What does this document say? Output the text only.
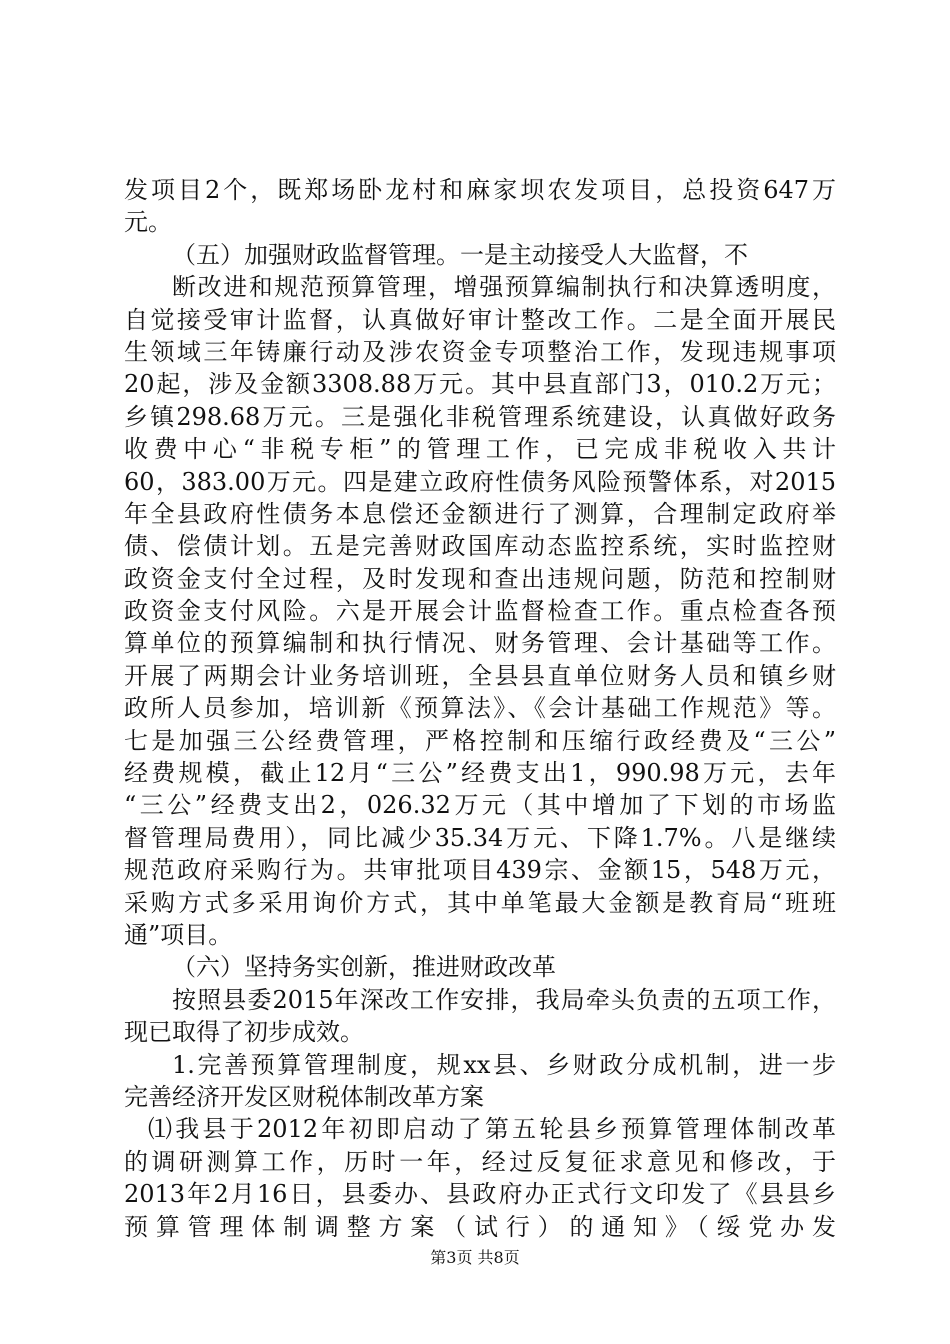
发项目2个，既郑场卧龙村和麻家坝农发项目，总投资647万
元。
（五）加强财政监督管理。一是主动接受人大监督，不
断改进和规范预算管理，增强预算编制执行和决算透明度，
自觉接受审计监督，认真做好审计整改工作。二是全面开展民
生领域三年铸廉行动及涉农资金专项整治工作，发现违规事项
20起，涉及金额3308.88万元。其中县直部门3，010.2万元；
乡镇298.68万元。三是强化非税管理系统建设，认真做好政务
收费中心“非税专柜”的管理工作，已完成非税收入共计
60，383.00万元。四是建立政府性债务风险预警体系，对2015
年全县政府性债务本息偿还金额进行了测算，合理制定政府举
债、偿债计划。五是完善财政国库动态监控系统，实时监控财
政资金支付全过程，及时发现和查出违规问题，防范和控制财
政资金支付风险。六是开展会计监督检查工作。重点检查各预
算单位的预算编制和执行情况、财务管理、会计基础等工作。
开展了两期会计业务培训班，全县县直单位财务人员和镇乡财
政所人员参加，培训新《预算法》、《会计基础工作规范》等。
七是加强三公经费管理，严格控制和压缩行政经费及“三公”
经费规模，截止12月“三公”经费支出1，990.98万元，去年
“三公”经费支出2，026.32万元（其中增加了下划的市场监
督管理局费用），同比减少35.34万元、下降1.7%。八是继续
规范政府采购行为。共审批项目439宗、金额15，548万元，
采购方式多采用询价方式，其中单笔最大金额是教育局“班班
通”项目。
（六）坚持务实创新，推进财政改革
按照县委2015年深改工作安排，我局牵头负责的五项工作，
现已取得了初步成效。
1.完善预算管理制度，规xx县、乡财政分成机制，进一步
完善经济开发区财税体制改革方案
⑴我县于2012年初即启动了第五轮县乡预算管理体制改革
的调研测算工作，历时一年，经过反复征求意见和修改，于
2013年2月16日，县委办、县政府办正式行文印发了《县县乡
预算管理体制调整方案（试行）的通知》（绥党办发
第3页 共8页
